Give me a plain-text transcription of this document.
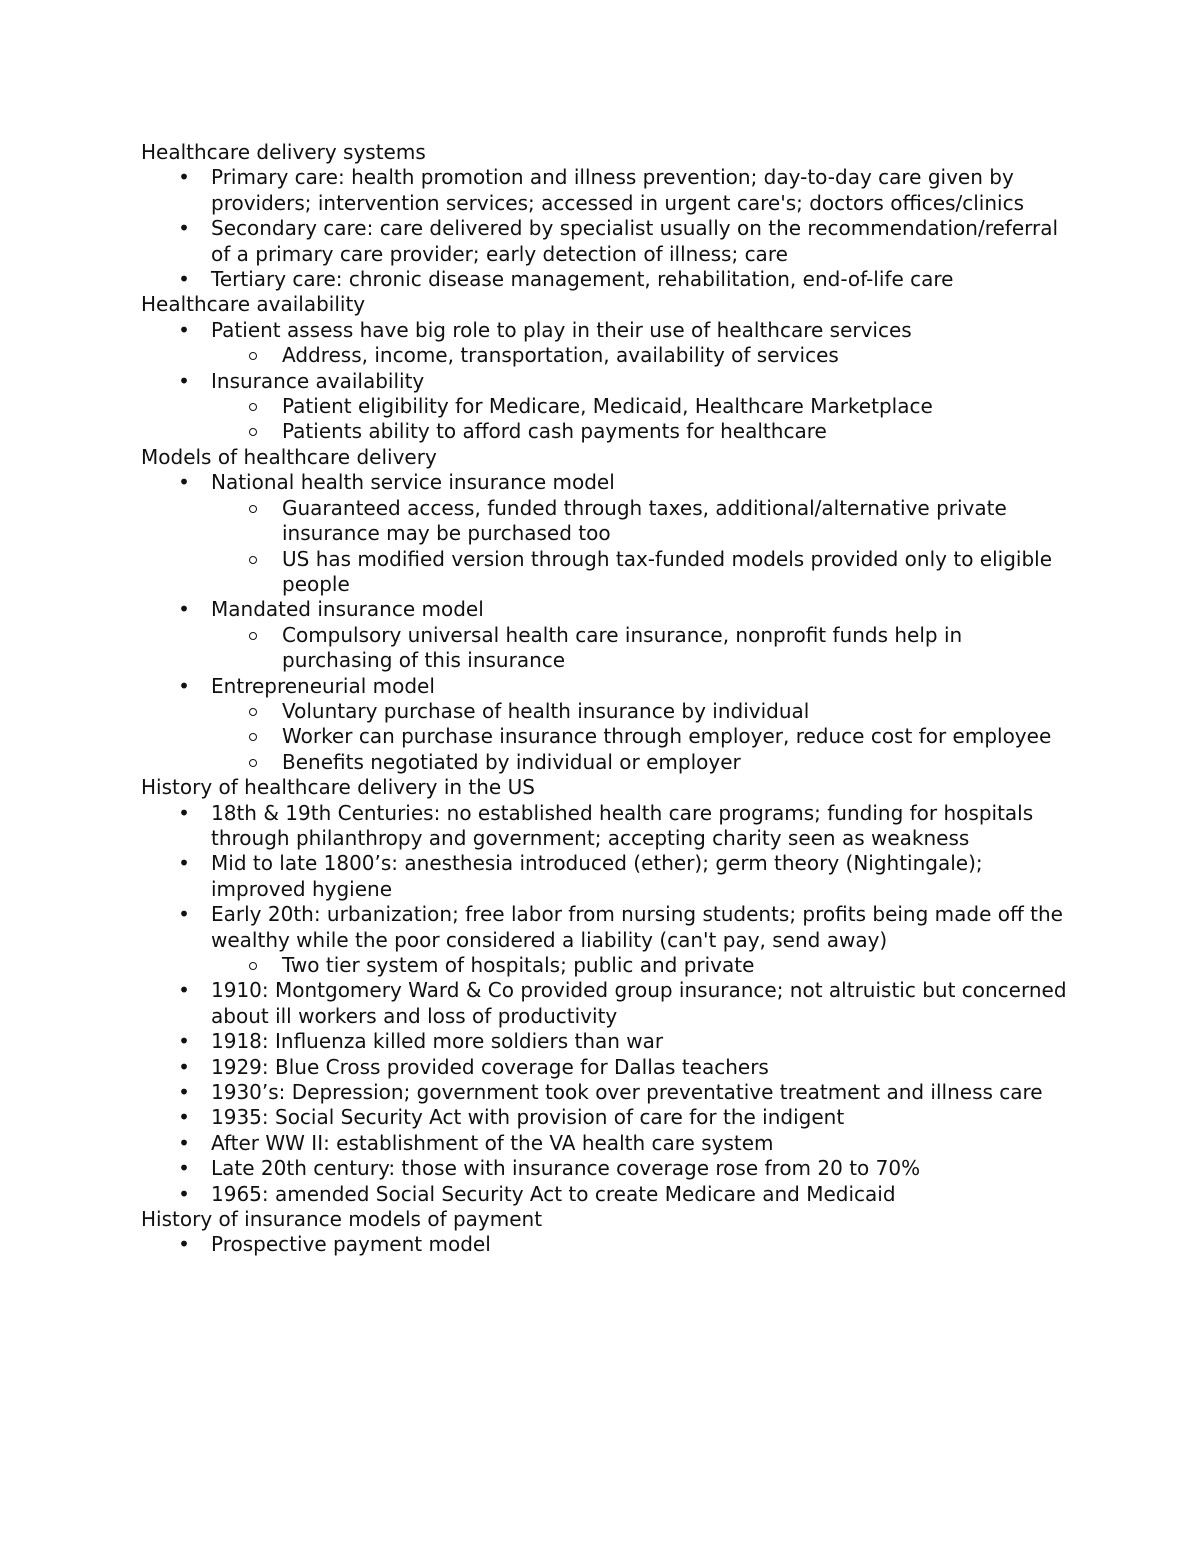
Healthcare delivery systems
• Primary care: health promotion and illness prevention; day-to-day care given by providers; intervention services; accessed in urgent care's; doctors offices/clinics
• Secondary care: care delivered by specialist usually on the recommendation/referral of a primary care provider; early detection of illness; care
• Tertiary care: chronic disease management, rehabilitation, end-of-life care
Healthcare availability
• Patient assess have big role to play in their use of healthcare services
Address, income, transportation, availability of services
• Insurance availability
Patient eligibility for Medicare, Medicaid, Healthcare Marketplace
Patients ability to afford cash payments for healthcare
Models of healthcare delivery
• National health service insurance model
Guaranteed access, funded through taxes, additional/alternative private insurance may be purchased too
US has modified version through tax-funded models provided only to eligible people
• Mandated insurance model
Compulsory universal health care insurance, nonprofit funds help in purchasing of this insurance
• Entrepreneurial model
Voluntary purchase of health insurance by individual
Worker can purchase insurance through employer, reduce cost for employee
Benefits negotiated by individual or employer
History of healthcare delivery in the US
• 18th & 19th Centuries: no established health care programs; funding for hospitals through philanthropy and government; accepting charity seen as weakness
• Mid to late 1800’s: anesthesia introduced (ether); germ theory (Nightingale); improved hygiene
• Early 20th: urbanization; free labor from nursing students; profits being made off the wealthy while the poor considered a liability (can't pay, send away)
Two tier system of hospitals; public and private
• 1910: Montgomery Ward & Co provided group insurance; not altruistic but concerned about ill workers and loss of productivity
• 1918: Influenza killed more soldiers than war
• 1929: Blue Cross provided coverage for Dallas teachers
• 1930’s: Depression; government took over preventative treatment and illness care
• 1935: Social Security Act with provision of care for the indigent
• After WW II: establishment of the VA health care system
• Late 20th century: those with insurance coverage rose from 20 to 70%
• 1965: amended Social Security Act to create Medicare and Medicaid
History of insurance models of payment
• Prospective payment model
